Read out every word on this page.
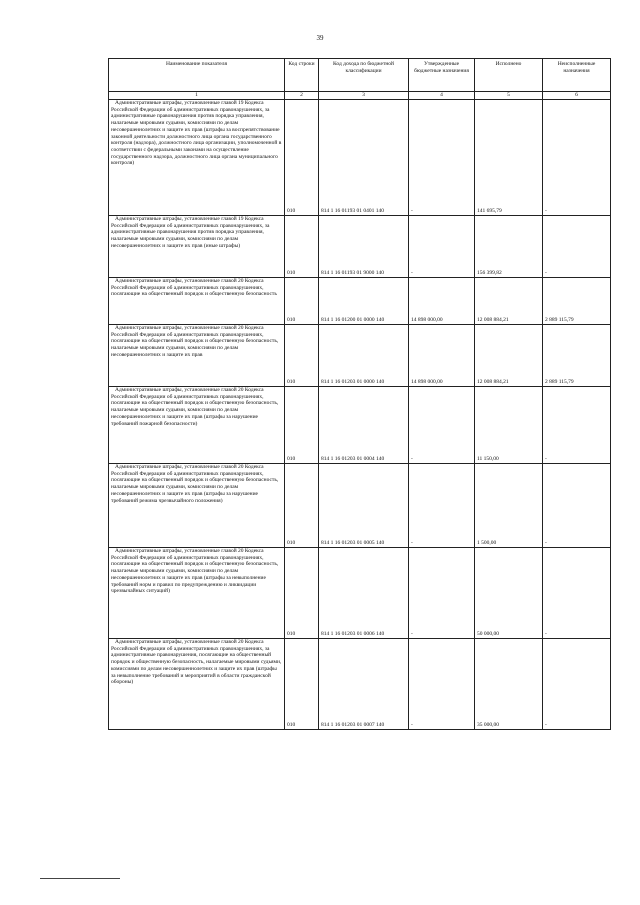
39
Наименование показателя	Код строки	Код дохода по бюджетной классификации	Утвержденные бюджетные назначения	Исполнено	Неисполненные назначения
1	2	3	4	5	6

Административные штрафы, установленные главой 19 Кодекса Российской Федерации об административных правонарушениях, за административные правонарушения против порядка управления, налагаемые мировыми судьями, комиссиями по делам несовершеннолетних и защите их прав (штрафы за воспрепятствование законной деятельности должностного лица органа государственного контроля (надзора), должностного лица организации, уполномоченной в соответствии с федеральными законами на осуществление государственного надзора, должностного лица органа муниципального контроля)	010	814 1 16 01193 01 0401 140	-	141 695,79	-

Административные штрафы, установленные главой 19 Кодекса Российской Федерации об административных правонарушениях, за административные правонарушения против порядка управления, налагаемые мировыми судьями, комиссиями по делам несовершеннолетних и защите их прав (иные штрафы)	010	814 1 16 01193 01 9000 140	-	156 399,82	-

Административные штрафы, установленные главой 20 Кодекса Российской Федерации об административных правонарушениях, посягающие на общественный порядок и общественную безопасность	010	814 1 16 01200 01 0000 140	14 898 000,00	12 008 884,21	2 889 115,79

Административные штрафы, установленные главой 20 Кодекса Российской Федерации об административных правонарушениях, посягающие на общественный порядок и общественную безопасность, налагаемые мировыми судьями, комиссиями по делам несовершеннолетних и защите их прав	010	814 1 16 01203 01 0000 140	14 898 000,00	12 008 884,21	2 889 115,79

Административные штрафы, установленные главой 20 Кодекса Российской Федерации об административных правонарушениях, посягающие на общественный порядок и общественную безопасность, налагаемые мировыми судьями, комиссиями по делам несовершеннолетних и защите их прав (штрафы за нарушение требований пожарной безопасности)	010	814 1 16 01203 01 0004 140	-	11 150,00	-

Административные штрафы, установленные главой 20 Кодекса Российской Федерации об административных правонарушениях, посягающие на общественный порядок и общественную безопасность, налагаемые мировыми судьями, комиссиями по делам несовершеннолетних и защите их прав (штрафы за нарушение требований режима чрезвычайного положения)	010	814 1 16 01203 01 0005 140	-	1 500,00	-

Административные штрафы, установленные главой 20 Кодекса Российской Федерации об административных правонарушениях, посягающие на общественный порядок и общественную безопасность, налагаемые мировыми судьями, комиссиями по делам несовершеннолетних и защите их прав (штрафы за невыполнение требований норм и правил по предупреждению и ликвидации чрезвычайных ситуаций)	010	814 1 16 01203 01 0006 140	-	50 000,00	-

Административные штрафы, установленные главой 20 Кодекса Российской Федерации об административных правонарушениях, за административные правонарушения, посягающие на общественный порядок и общественную безопасность, налагаемые мировыми судьями, комиссиями по делам несовершеннолетних и защите их прав (штрафы за невыполнение требований и мероприятий в области гражданской обороны)	010	814 1 16 01203 01 0007 140	-	35 000,00	-
